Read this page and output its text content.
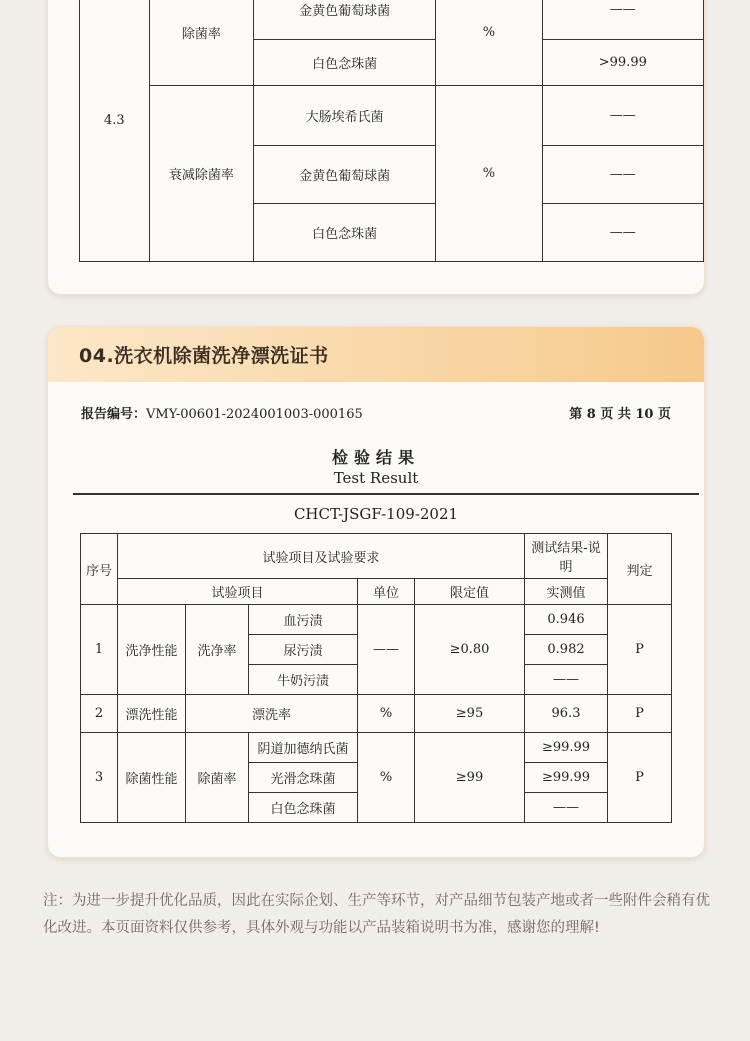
4.3	除菌率	金黄色葡萄球菌	%	——
		白色念珠菌		>99.99
	衰减除菌率	大肠埃希氏菌	%	——
		金黄色葡萄球菌		——
		白色念珠菌		——
04.洗衣机除菌洗净漂洗证书
报告编号：VMY-00601-2024001003-000165	第 8 页 共 10 页
检验结果
Test Result
CHCT-JSGF-109-2021
序号	试验项目及试验要求					测试结果-说明	判定
	试验项目			单位	限定值	实测值	
1	洗净性能	洗净率	血污渍	——	≥0.80	0.946	P
			尿污渍			0.982	
			牛奶污渍			——	
2	漂洗性能	漂洗率		%	≥95	96.3	P
3	除菌性能	除菌率	阴道加德纳氏菌	%	≥99	≥99.99	P
			光滑念珠菌			≥99.99	
			白色念珠菌			——	
注：为进一步提升优化品质，因此在实际企划、生产等环节，对产品细节包装产地或者一些附件会稍有优化改进。本页面资料仅供参考，具体外观与功能以产品装箱说明书为准，感谢您的理解!
